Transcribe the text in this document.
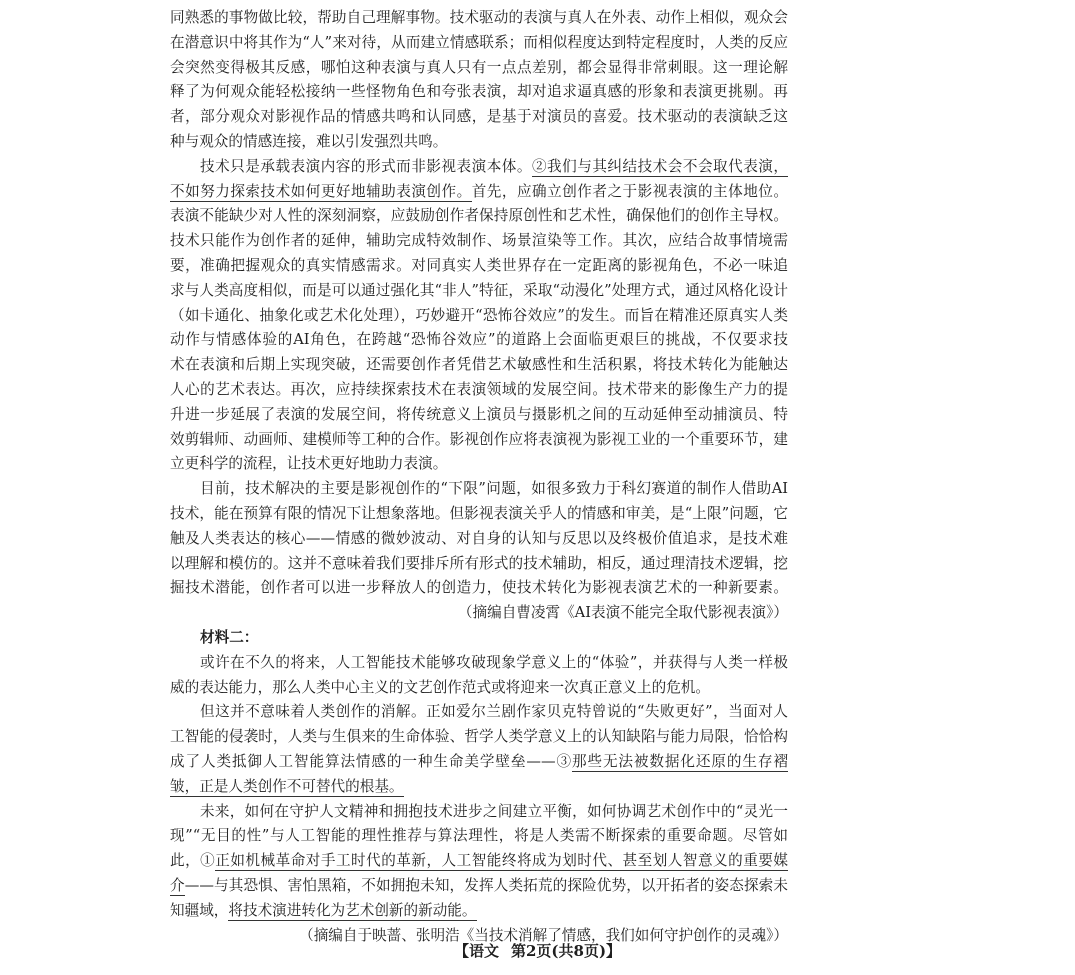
同熟悉的事物做比较，帮助自己理解事物。技术驱动的表演与真人在外表、动作上相似，观众会
在潜意识中将其作为“人”来对待，从而建立情感联系；而相似程度达到特定程度时，人类的反应
会突然变得极其反感，哪怕这种表演与真人只有一点点差别，都会显得非常刺眼。这一理论解
释了为何观众能轻松接纳一些怪物角色和夸张表演，却对追求逼真感的形象和表演更挑剔。再
者，部分观众对影视作品的情感共鸣和认同感，是基于对演员的喜爱。技术驱动的表演缺乏这
种与观众的情感连接，难以引发强烈共鸣。
技术只是承载表演内容的形式而非影视表演本体。②我们与其纠结技术会不会取代表演，
不如努力探索技术如何更好地辅助表演创作。首先，应确立创作者之于影视表演的主体地位。
表演不能缺少对人性的深刻洞察，应鼓励创作者保持原创性和艺术性，确保他们的创作主导权。
技术只能作为创作者的延伸，辅助完成特效制作、场景渲染等工作。其次，应结合故事情境需
要，准确把握观众的真实情感需求。对同真实人类世界存在一定距离的影视角色，不必一味追
求与人类高度相似，而是可以通过强化其“非人”特征，采取“动漫化”处理方式，通过风格化设计
（如卡通化、抽象化或艺术化处理），巧妙避开“恐怖谷效应”的发生。而旨在精准还原真实人类
动作与情感体验的AI角色，在跨越“恐怖谷效应”的道路上会面临更艰巨的挑战，不仅要求技
术在表演和后期上实现突破，还需要创作者凭借艺术敏感性和生活积累，将技术转化为能触达
人心的艺术表达。再次，应持续探索技术在表演领域的发展空间。技术带来的影像生产力的提
升进一步延展了表演的发展空间，将传统意义上演员与摄影机之间的互动延伸至动捕演员、特
效剪辑师、动画师、建模师等工种的合作。影视创作应将表演视为影视工业的一个重要环节，建
立更科学的流程，让技术更好地助力表演。
目前，技术解决的主要是影视创作的“下限”问题，如很多致力于科幻赛道的制作人借助AI
技术，能在预算有限的情况下让想象落地。但影视表演关乎人的情感和审美，是“上限”问题，它
触及人类表达的核心——情感的微妙波动、对自身的认知与反思以及终极价值追求，是技术难
以理解和模仿的。这并不意味着我们要排斥所有形式的技术辅助，相反，通过理清技术逻辑，挖
掘技术潜能，创作者可以进一步释放人的创造力，使技术转化为影视表演艺术的一种新要素。
（摘编自曹凌霄《AI表演不能完全取代影视表演》）
材料二：
或许在不久的将来，人工智能技术能够攻破现象学意义上的“体验”，并获得与人类一样极
威的表达能力，那么人类中心主义的文艺创作范式或将迎来一次真正意义上的危机。
但这并不意味着人类创作的消解。正如爱尔兰剧作家贝克特曾说的“失败更好”，当面对人
工智能的侵袭时，人类与生俱来的生命体验、哲学人类学意义上的认知缺陷与能力局限，恰恰构
成了人类抵御人工智能算法情感的一种生命美学壁垒——③那些无法被数据化还原的生存褶
皱，正是人类创作不可替代的根基。
未来，如何在守护人文精神和拥抱技术进步之间建立平衡，如何协调艺术创作中的“灵光一
现”“无目的性”与人工智能的理性推荐与算法理性，将是人类需不断探索的重要命题。尽管如
此，①正如机械革命对手工时代的革新，人工智能终将成为划时代、甚至划人智意义的重要媒
介——与其恐惧、害怕黑箱，不如拥抱未知，发挥人类拓荒的探险优势，以开拓者的姿态探索未
知疆域，将技术演进转化为艺术创新的新动能。
（摘编自于映蔷、张明浩《当技术消解了情感，我们如何守护创作的灵魂》）
【语文 第2页(共8页)】
